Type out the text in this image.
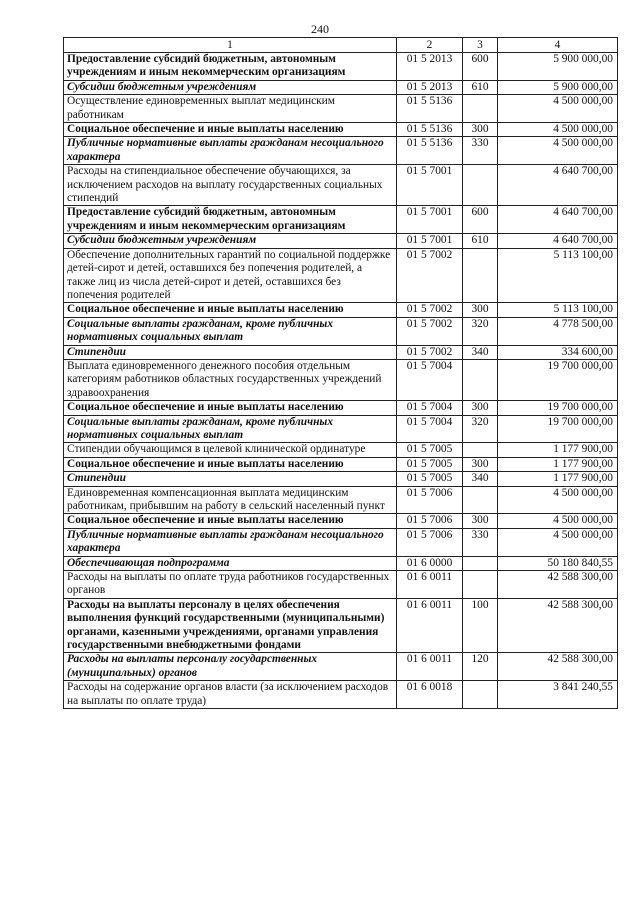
240
1	2	3	4
Предоставление субсидий бюджетным, автономным учреждениям и иным некоммерческим организациям	01 5 2013	600	5 900 000,00
Субсидии бюджетным учреждениям	01 5 2013	610	5 900 000,00
Осуществление единовременных выплат медицинским работникам	01 5 5136		4 500 000,00
Социальное обеспечение и иные выплаты населению	01 5 5136	300	4 500 000,00
Публичные нормативные выплаты гражданам несоциального характера	01 5 5136	330	4 500 000,00
Расходы на стипендиальное обеспечение обучающихся, за исключением расходов на выплату государственных социальных стипендий	01 5 7001		4 640 700,00
Предоставление субсидий бюджетным, автономным учреждениям и иным некоммерческим организациям	01 5 7001	600	4 640 700,00
Субсидии бюджетным учреждениям	01 5 7001	610	4 640 700,00
Обеспечение дополнительных гарантий по социальной поддержке детей-сирот и детей, оставшихся без попечения родителей, а также лиц из числа детей-сирот и детей, оставшихся без попечения родителей	01 5 7002		5 113 100,00
Социальное обеспечение и иные выплаты населению	01 5 7002	300	5 113 100,00
Социальные выплаты гражданам, кроме публичных нормативных социальных выплат	01 5 7002	320	4 778 500,00
Стипендии	01 5 7002	340	334 600,00
Выплата единовременного денежного пособия отдельным категориям работников областных государственных учреждений здравоохранения	01 5 7004		19 700 000,00
Социальное обеспечение и иные выплаты населению	01 5 7004	300	19 700 000,00
Социальные выплаты гражданам, кроме публичных нормативных социальных выплат	01 5 7004	320	19 700 000,00
Стипендии обучающимся в целевой клинической ординатуре	01 5 7005		1 177 900,00
Социальное обеспечение и иные выплаты населению	01 5 7005	300	1 177 900,00
Стипендии	01 5 7005	340	1 177 900,00
Единовременная компенсационная выплата медицинским работникам, прибывшим на работу в сельский населенный пункт	01 5 7006		4 500 000,00
Социальное обеспечение и иные выплаты населению	01 5 7006	300	4 500 000,00
Публичные нормативные выплаты гражданам несоциального характера	01 5 7006	330	4 500 000,00
Обеспечивающая подпрограмма	01 6 0000		50 180 840,55
Расходы на выплаты по оплате труда работников государственных органов	01 6 0011		42 588 300,00
Расходы на выплаты персоналу в целях обеспечения выполнения функций государственными (муниципальными) органами, казенными учреждениями, органами управления государственными внебюджетными фондами	01 6 0011	100	42 588 300,00
Расходы на выплаты персоналу государственных (муниципальных) органов	01 6 0011	120	42 588 300,00
Расходы на содержание органов власти (за исключением расходов на выплаты по оплате труда)	01 6 0018		3 841 240,55
